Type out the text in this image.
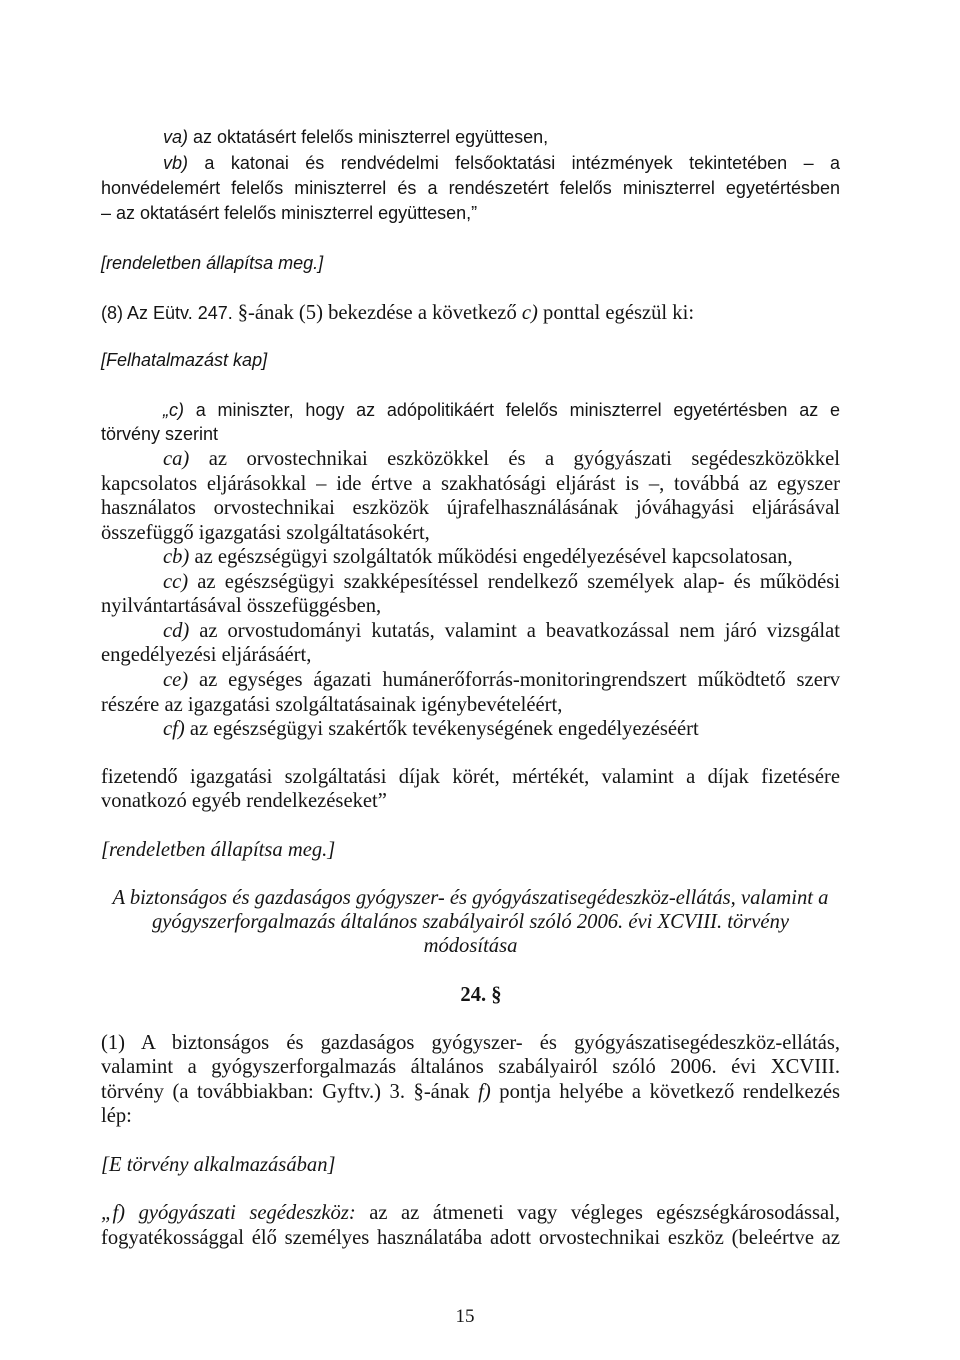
va) az oktatásért felelős miniszterrel együttesen,
vb) a katonai és rendvédelmi felsőoktatási intézmények tekintetében – a
honvédelemért felelős miniszterrel és a rendészetért felelős miniszterrel egyetértésben
– az oktatásért felelős miniszterrel együttesen,”
[rendeletben állapítsa meg.]
(8) Az Eütv. 247. §-ának (5) bekezdése a következő c) ponttal egészül ki:
[Felhatalmazást kap]
„c) a miniszter, hogy az adópolitikáért felelős miniszterrel egyetértésben az e
törvény szerint
ca) az orvostechnikai eszközökkel és a gyógyászati segédeszközökkel
kapcsolatos eljárásokkal – ide értve a szakhatósági eljárást is –, továbbá az egyszer
használatos orvostechnikai eszközök újrafelhasználásának jóváhagyási eljárásával
összefüggő igazgatási szolgáltatásokért,
cb) az egészségügyi szolgáltatók működési engedélyezésével kapcsolatosan,
cc) az egészségügyi szakképesítéssel rendelkező személyek alap- és működési
nyilvántartásával összefüggésben,
cd) az orvostudományi kutatás, valamint a beavatkozással nem járó vizsgálat
engedélyezési eljárásáért,
ce) az egységes ágazati humánerőforrás-monitoringrendszert működtető szerv
részére az igazgatási szolgáltatásainak igénybevételéért,
cf) az egészségügyi szakértők tevékenységének engedélyezéséért
fizetendő igazgatási szolgáltatási díjak körét, mértékét, valamint a díjak fizetésére
vonatkozó egyéb rendelkezéseket”
[rendeletben állapítsa meg.]
A biztonságos és gazdaságos gyógyszer- és gyógyászatisegédeszköz-ellátás, valamint a
gyógyszerforgalmazás általános szabályairól szóló 2006. évi XCVIII. törvény
módosítása
24. §
(1) A biztonságos és gazdaságos gyógyszer- és gyógyászatisegédeszköz-ellátás,
valamint a gyógyszerforgalmazás általános szabályairól szóló 2006. évi XCVIII.
törvény (a továbbiakban: Gyftv.) 3. §-ának f) pontja helyébe a következő rendelkezés
lép:
[E törvény alkalmazásában]
„f) gyógyászati segédeszköz: az az átmeneti vagy végleges egészségkárosodással,
fogyatékossággal élő személyes használatába adott orvostechnikai eszköz (beleértve az
15
